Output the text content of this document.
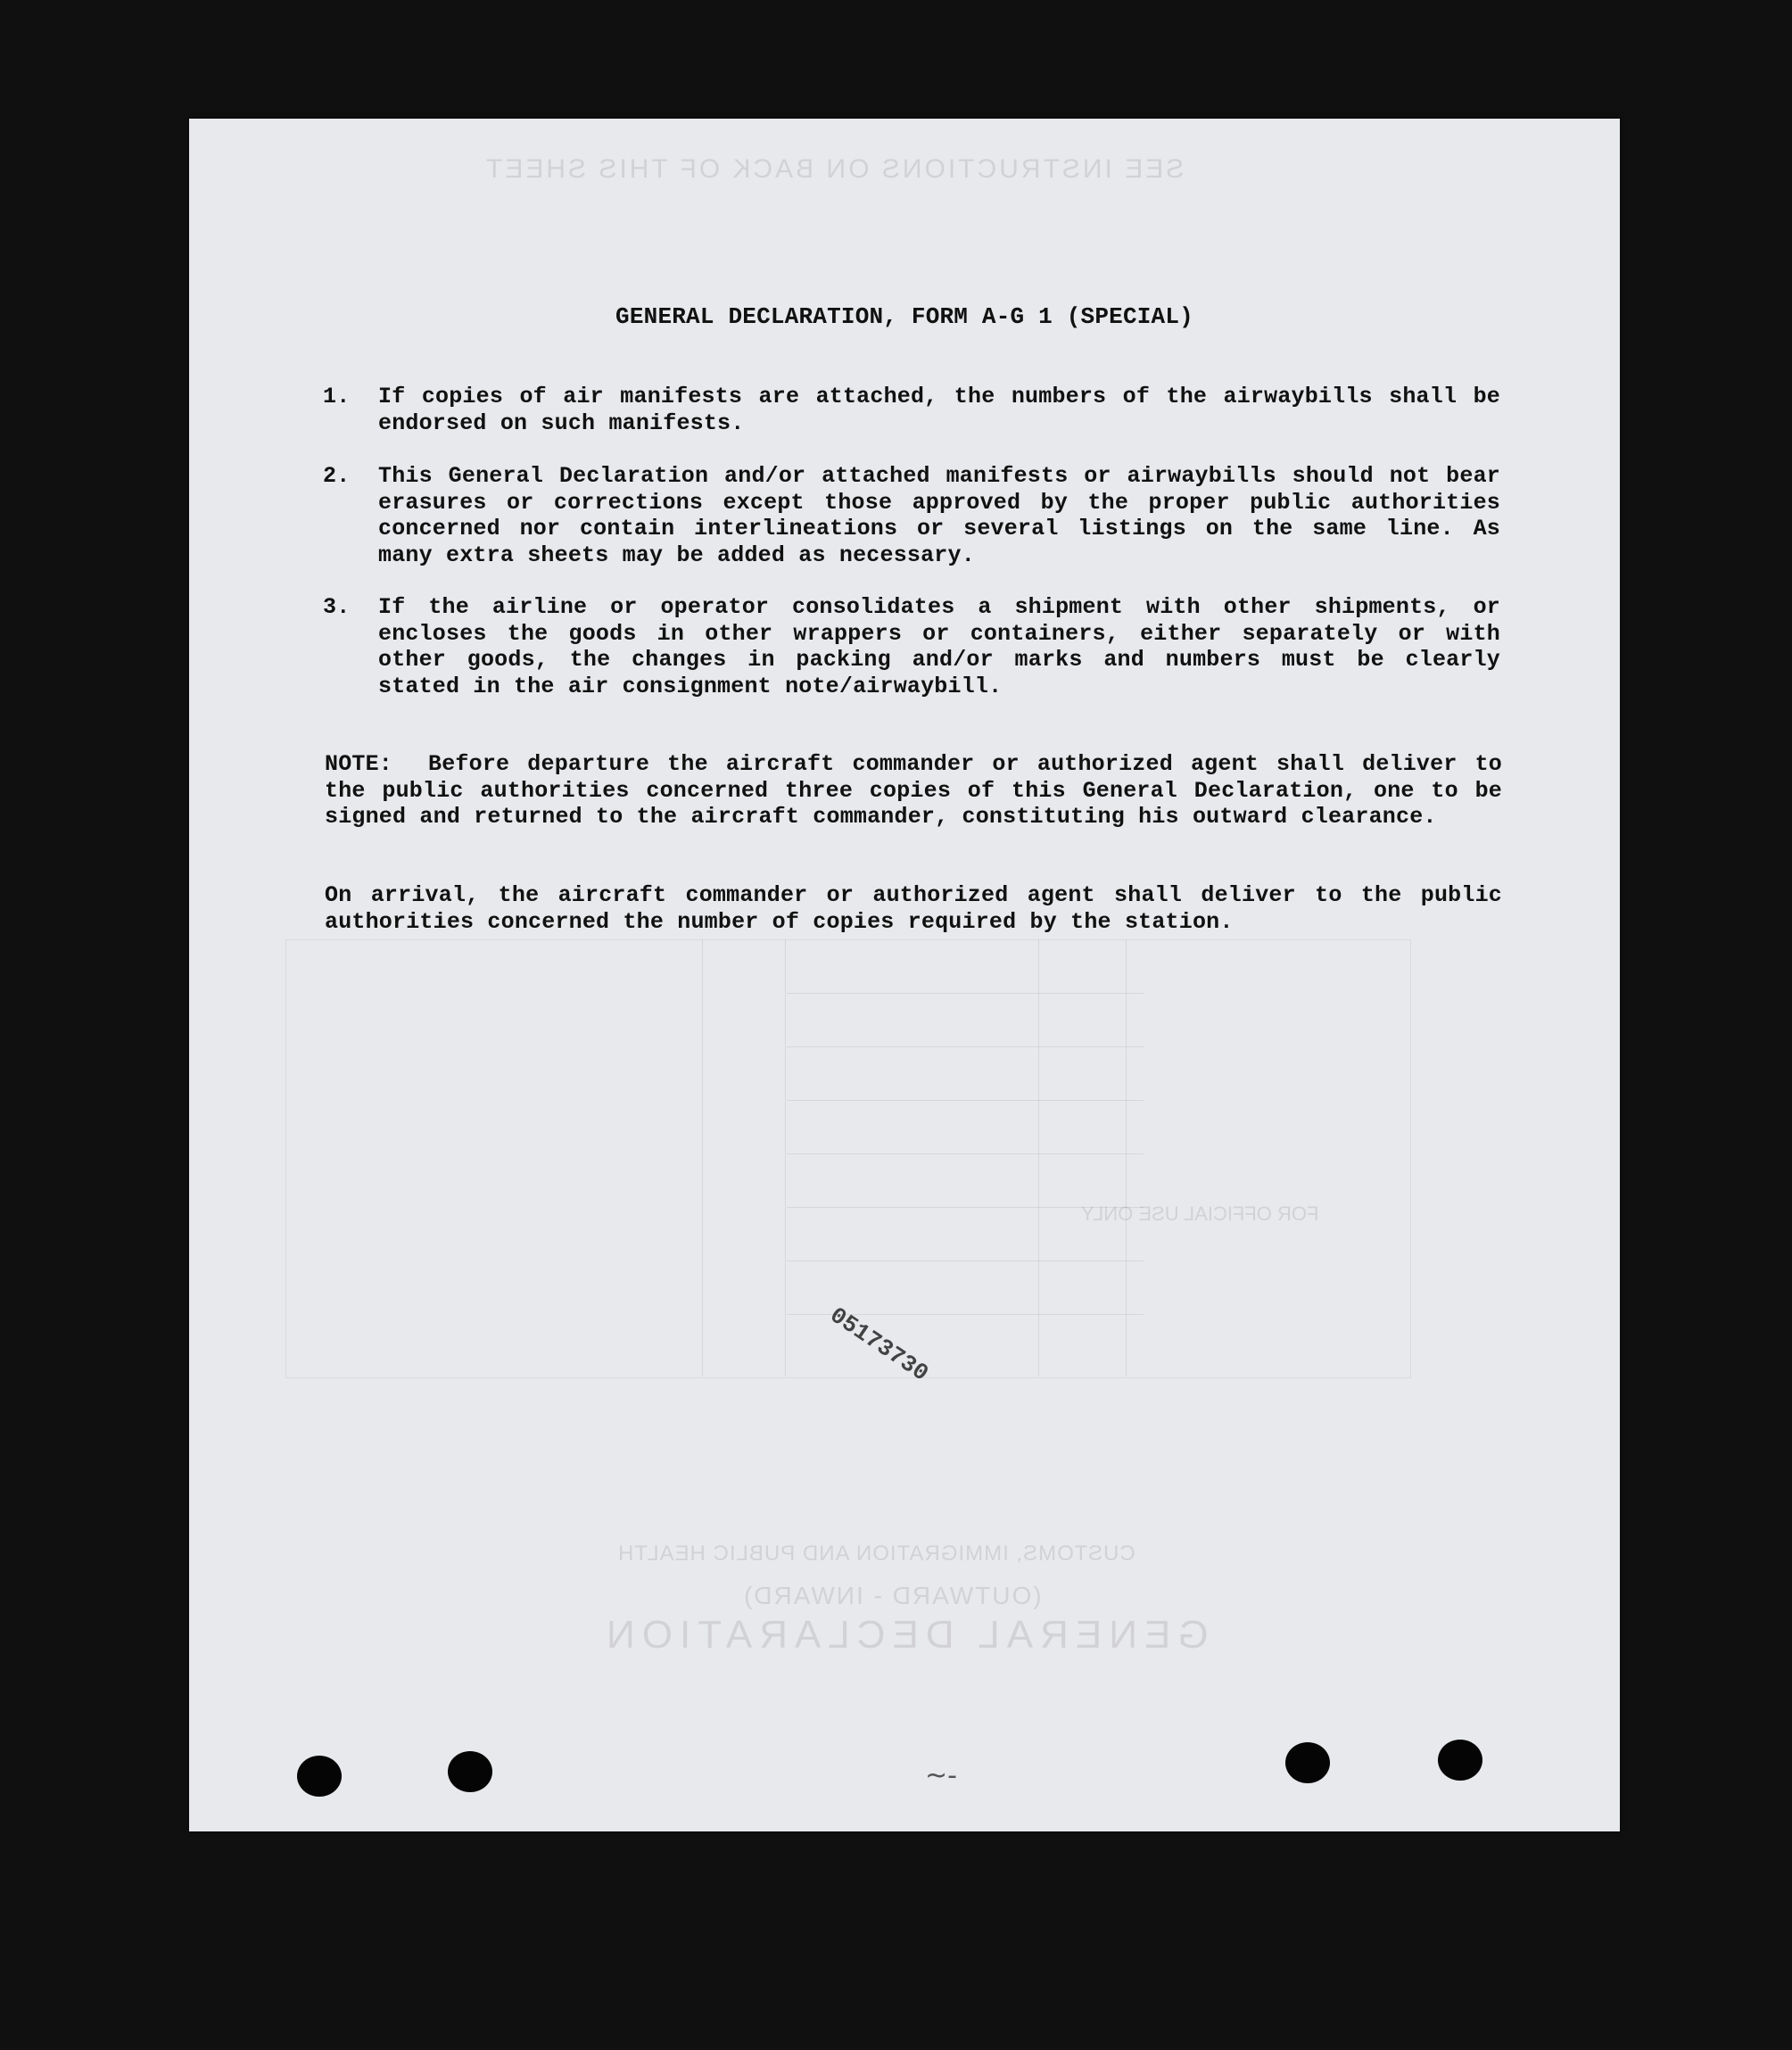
SEE INSTRUCTIONS ON BACK OF THIS SHEET
FOR OFFICIAL USE ONLY
CUSTOMS, IMMIGRATION AND PUBLIC HEALTH
(OUTWARD - INWARD)
GENERAL DECLARATION
GENERAL DECLARATION, FORM A-G 1 (SPECIAL)
1.	If copies of air manifests are attached, the numbers of the airwaybills shall be endorsed on such manifests.
2.	This General Declaration and/or attached manifests or airwaybills should not bear erasures or corrections except those approved by the proper public authorities concerned nor contain interlineations or several listings on the same line. As many extra sheets may be added as necessary.
3.	If the airline or operator consolidates a shipment with other shipments, or encloses the goods in other wrappers or containers, either separately or with other goods, the changes in packing and/or marks and numbers must be clearly stated in the air consignment note/airwaybill.
NOTE: Before departure the aircraft commander or authorized agent shall deliver to the public authorities concerned three copies of this General Declaration, one to be signed and returned to the aircraft commander, constituting his outward clearance.
On arrival, the aircraft commander or authorized agent shall deliver to the public authorities concerned the number of copies required by the station.
05173730
~-
